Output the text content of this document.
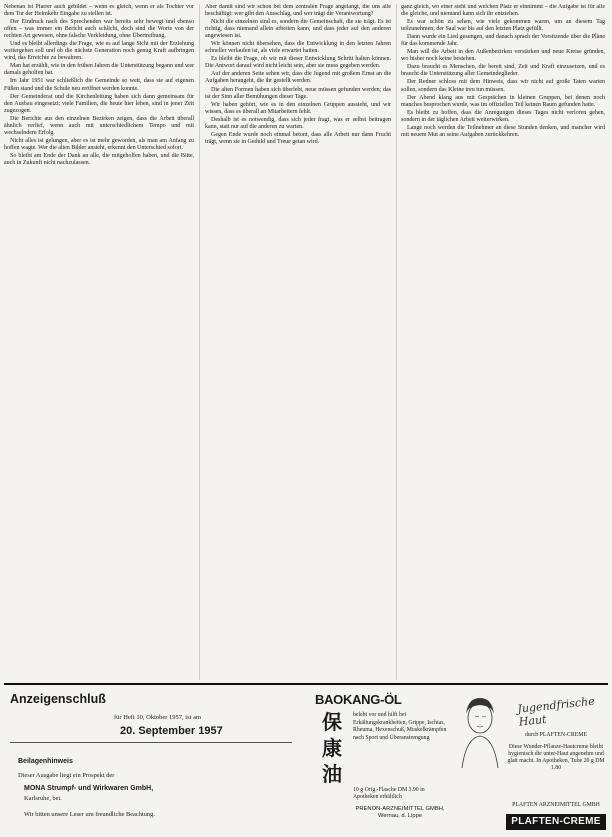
Nebenan ist Pfarrer auch gebildet – wenn es gleich, wenn er als Tochter vor dem Tor der Heimkehr Eingabe zu stellen ist.

Der Eindruck nach des Sprechenden war bereits sehr bewegt und ebenso offen – was immer ein Bericht auch schlicht, doch sind die Worte von der rechten Art gewesen, ohne falsche Verkleidung, ohne Übertreibung.

Und es bleibt allerdings die Frage, wie es auf lange Sicht mit der Erziehung weitergehen soll und ob die nächste Generation noch genug Kraft aufbringen wird, das Erreichte zu bewahren.

Man hat erzählt, wie in den frühen Jahren die Unterstützung begann und wer damals geholfen hat.

Im Jahr 1951 war schließlich die Gemeinde so weit, dass sie auf eigenen Füßen stand und die Schule neu eröffnet werden konnte.

Der Gemeinderat und die Kirchenleitung haben sich dann gemeinsam für den Ausbau eingesetzt; viele Familien, die heute hier leben, sind in jener Zeit zugezogen.

Die Berichte aus den einzelnen Bezirken zeigen, dass die Arbeit überall ähnlich verlief, wenn auch mit unterschiedlichem Tempo und mit wechselndem Erfolg.

Nicht alles ist gelungen, aber es ist mehr geworden, als man am Anfang zu hoffen wagte. Wer die alten Bilder ansieht, erkennt den Unterschied sofort.

So bleibt am Ende der Dank an alle, die mitgeholfen haben, und die Bitte, auch in Zukunft nicht nachzulassen.

Aber damit sind wir schon bei dem zentralen Frage angelangt, die uns alle beschäftigt: wer gibt den Ausschlag, und wer trägt die Verantwortung?

Nicht die einzelnen sind es, sondern die Gemeinschaft, die sie trägt. Es ist richtig, dass niemand allein arbeiten kann, und dass jeder auf den anderen angewiesen ist.

Wir können nicht übersehen, dass die Entwicklung in den letzten Jahren schneller verlaufen ist, als viele erwartet hatten.

Es bleibt die Frage, ob wir mit dieser Entwicklung Schritt halten können. Die Antwort darauf wird nicht leicht sein, aber sie muss gegeben werden.

Auf der anderen Seite sehen wir, dass die Jugend mit großem Ernst an die Aufgaben herangeht, die ihr gestellt werden.

Die alten Formen haben sich überlebt, neue müssen gefunden werden; das ist der Sinn aller Bemühungen dieser Tage.

Wir haben gehört, wie es in den einzelnen Gruppen aussieht, und wir wissen, dass es überall an Mitarbeitern fehlt.

Deshalb ist es notwendig, dass sich jeder fragt, was er selbst beitragen kann, statt nur auf die anderen zu warten.

Gegen Ende wurde noch einmal betont, dass alle Arbeit nur dann Frucht trägt, wenn sie in Geduld und Treue getan wird.

ganz gleich, wo einer steht und welchen Platz er einnimmt – die Aufgabe ist für alle die gleiche, und niemand kann sich ihr entziehen.

Es war schön zu sehen, wie viele gekommen waren, um an diesem Tag teilzunehmen; der Saal war bis auf den letzten Platz gefüllt.

Dann wurde ein Lied gesungen, und danach sprach der Vorsitzende über die Pläne für das kommende Jahr.

Man will die Arbeit in den Außenbezirken verstärken und neue Kreise gründen, wo bisher noch keine bestehen.

Dazu braucht es Menschen, die bereit sind, Zeit und Kraft einzusetzen, und es braucht die Unterstützung aller Gemeindeglieder.

Der Redner schloss mit dem Hinweis, dass wir nicht auf große Taten warten sollen, sondern das Kleine treu tun müssen.

Der Abend klang aus mit Gesprächen in kleinen Gruppen, bei denen noch manches besprochen wurde, was im offiziellen Teil keinen Raum gefunden hatte.

Es bleibt zu hoffen, dass die Anregungen dieses Tages nicht verloren gehen, sondern in der täglichen Arbeit weiterwirken.

Lange noch werden die Teilnehmer an diese Stunden denken, und mancher wird mit neuem Mut an seine Aufgaben zurückkehren.

Anzeigenschluß
für Heft 10, Oktober 1957, ist am
20. September 1957
Beilagenhinweis
Dieser Ausgabe liegt ein Prospekt der
MONA Strumpf- und Wirkwaren GmbH,
Karlsruhe, bei.
Wir bitten unsere Leser um freundliche Beachtung.
BAOKANG-ÖL
保 康 油
belebt vor und hilft bei Erkältungskrankheiten, Grippe, Ischias, Rheuma, Hexenschuß, Muskelkrämpfen nach Sport und Überanstrengung
10 g Orig.-Flasche DM 3.90 in Apotheken erhältlich
PRENON-ARZNEIMITTEL GMBH, Wernau, d. Lippe
Jugendfrische Haut
durch PLAFTEN-CREME
Diese Wunder-Pflanze-Hautcreme bleibt hygienisch die unter-Haut angenehm und glatt macht. In Apotheken, Tube 20 g DM 1.80
PLAFTEN ARZNEIMITTEL GMBH
PLAFTEN-CREME
